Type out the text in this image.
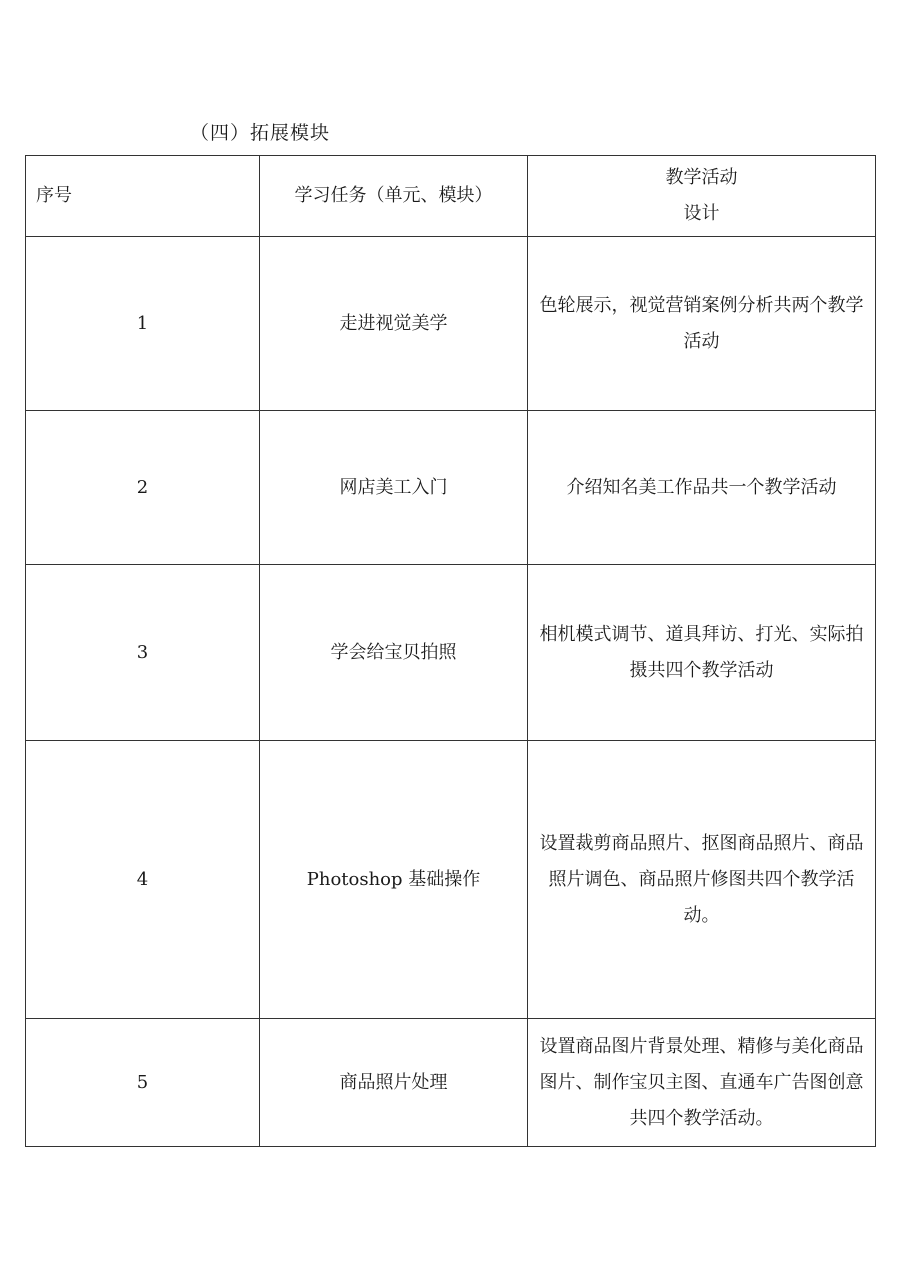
（四）拓展模块
序号	学习任务（单元、模块）	教学活动
设计

1	走进视觉美学	色轮展示，视觉营销案例分析共两个教学活动
2	网店美工入门	介绍知名美工作品共一个教学活动
3	学会给宝贝拍照	相机模式调节、道具拜访、打光、实际拍摄共四个教学活动
4	Photoshop 基础操作	设置裁剪商品照片、抠图商品照片、商品照片调色、商品照片修图共四个教学活动。
5	商品照片处理	设置商品图片背景处理、精修与美化商品图片、制作宝贝主图、直通车广告图创意共四个教学活动。
